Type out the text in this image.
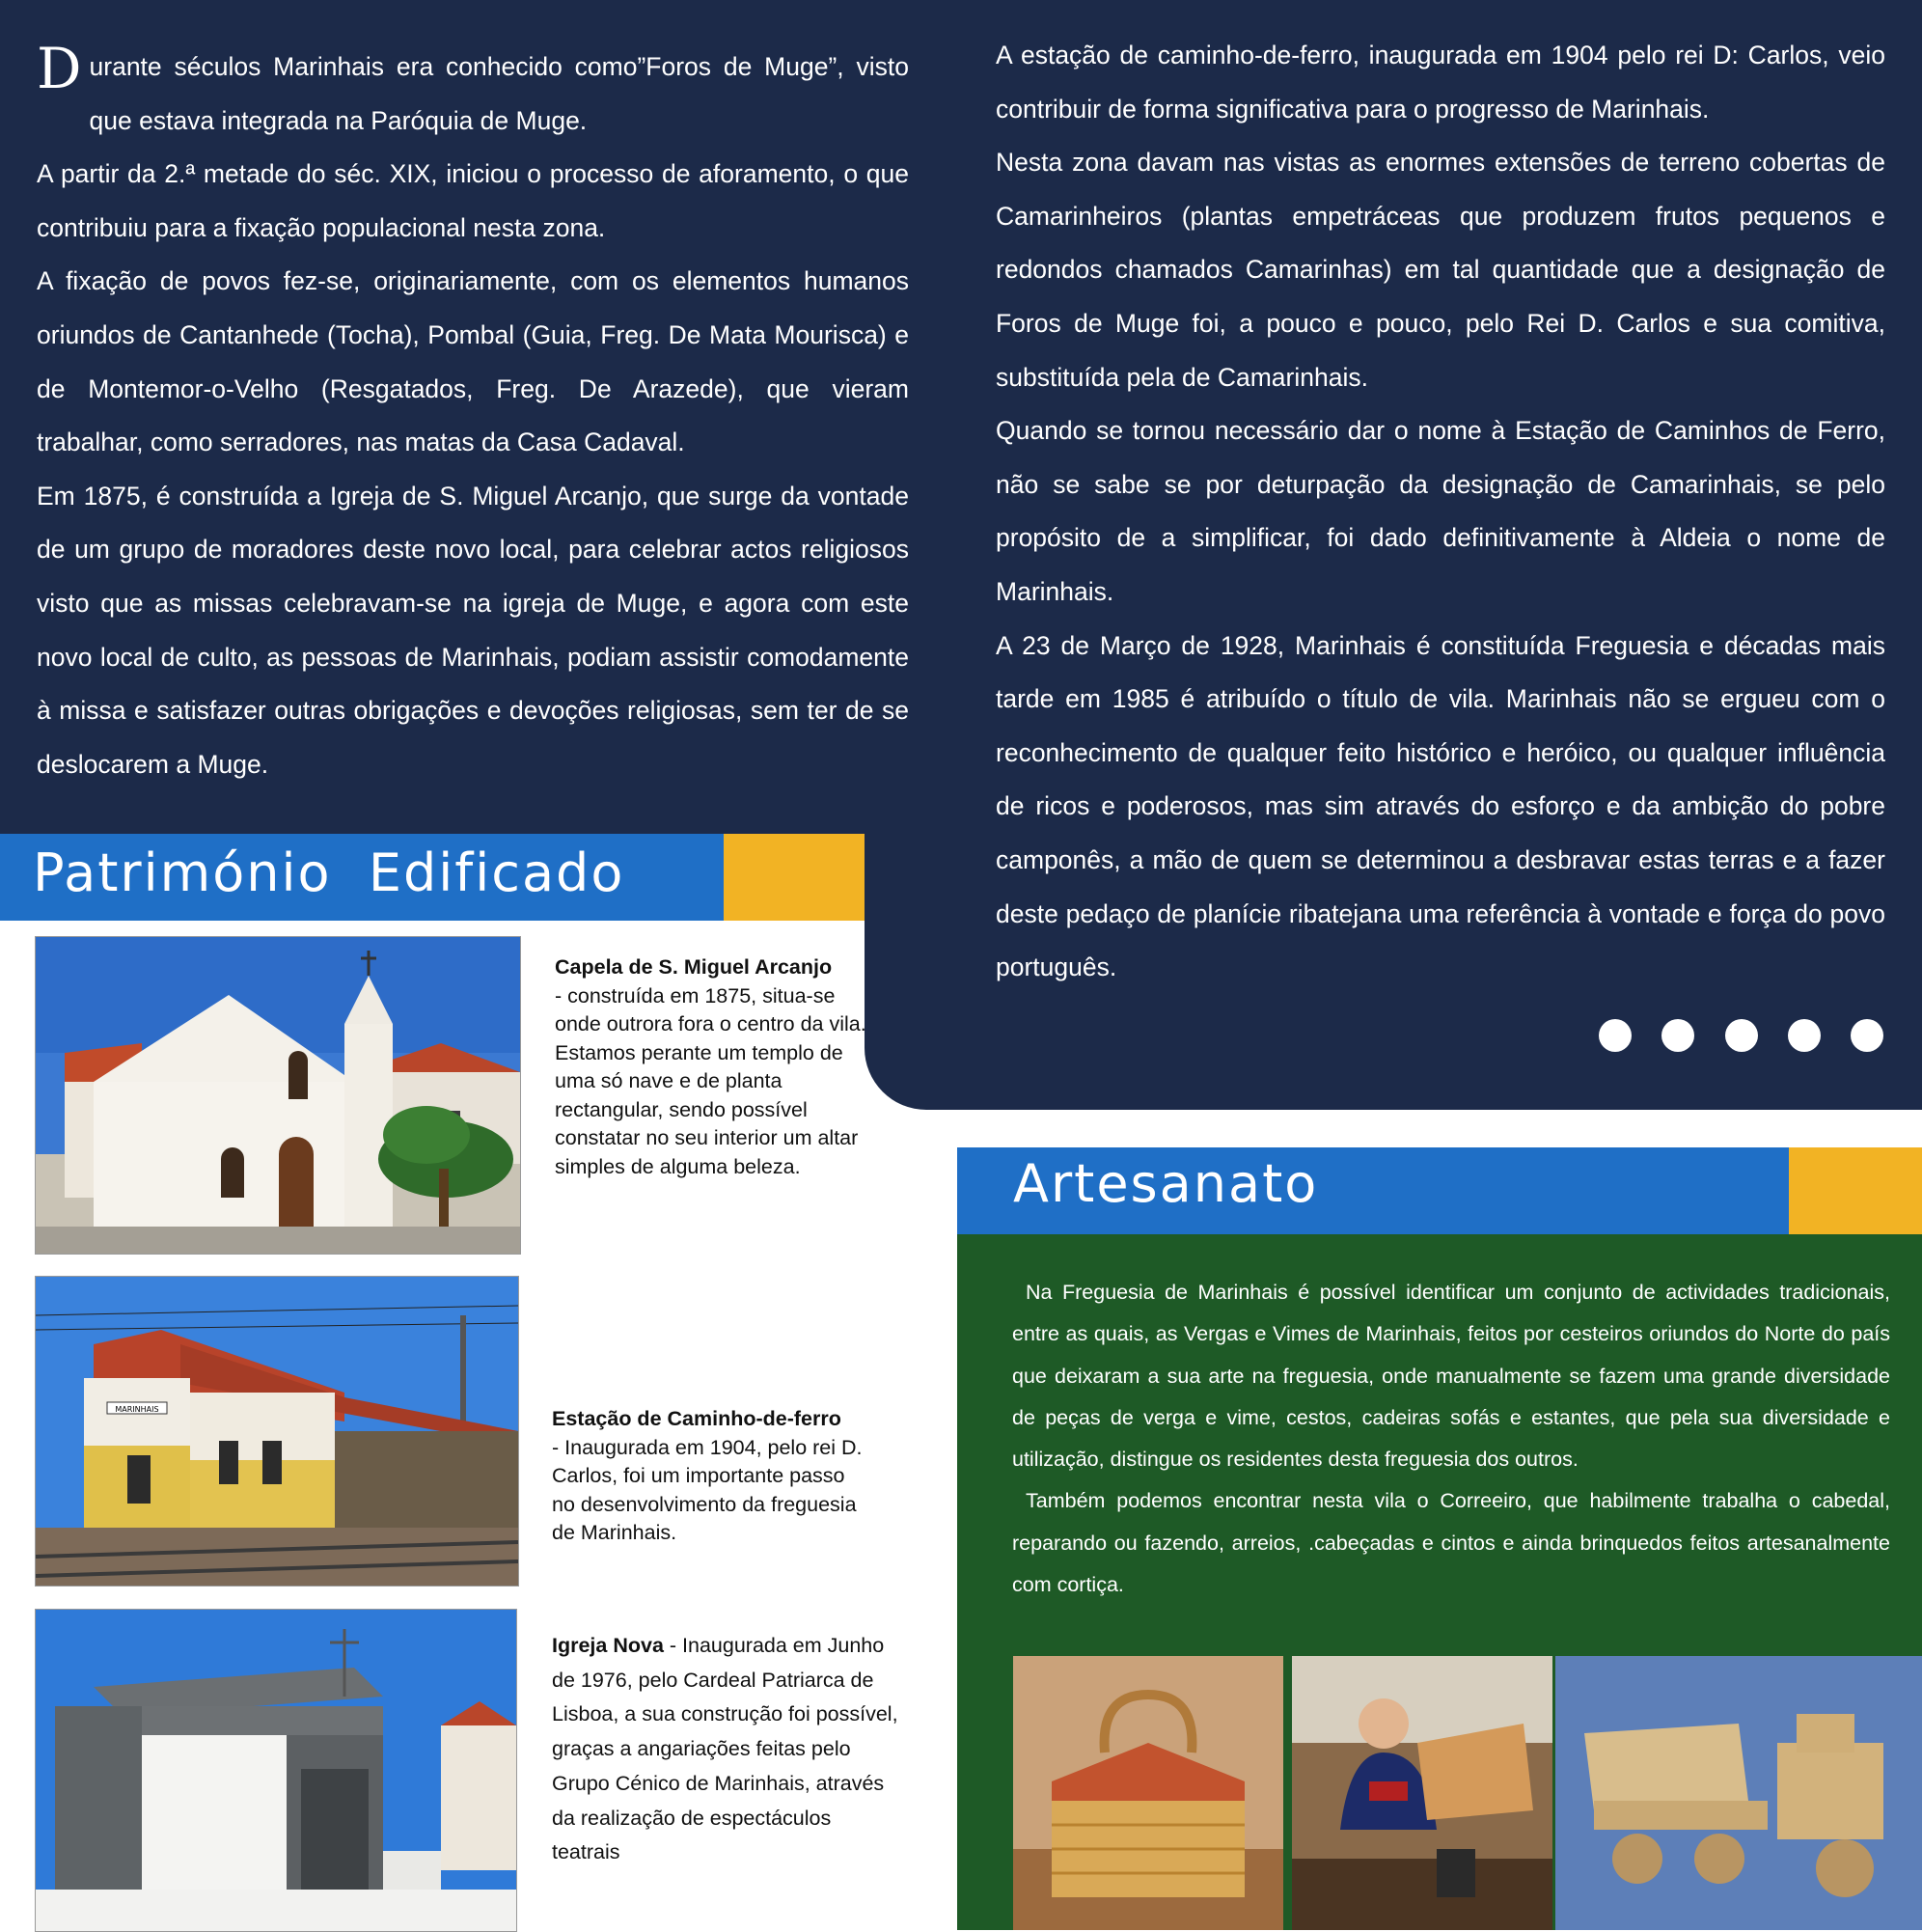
Durante séculos Marinhais era conhecido como”Foros de Muge”, visto que estava integrada na Paróquia de Muge.

A partir da 2.ª metade do séc. XIX, iniciou o processo de aforamento, o que contribuiu para a fixação populacional nesta zona.

A fixação de povos fez-se, originariamente, com os elementos humanos oriundos de Cantanhede (Tocha), Pombal (Guia, Freg. De Mata Mourisca) e de Montemor-o-Velho (Resgatados, Freg. De Arazede), que vieram trabalhar, como serradores, nas matas da Casa Cadaval.

Em 1875, é construída a Igreja de S. Miguel Arcanjo, que surge da vontade de um grupo de moradores deste novo local, para celebrar actos religiosos visto que as missas celebravam-se na igreja de Muge, e agora com este novo local de culto, as pessoas de Marinhais, podiam assistir comodamente à missa e satisfazer outras obrigações e devoções religiosas, sem ter de se deslocarem a Muge.

A estação de caminho-de-ferro, inaugurada em 1904 pelo rei D: Carlos, veio contribuir de forma significativa para o progresso de Marinhais.

Nesta zona davam nas vistas as enormes extensões de terreno cobertas de Camarinheiros (plantas empetráceas que produzem frutos pequenos e redondos chamados Camarinhas) em tal quantidade que a designação de Foros de Muge foi, a pouco e pouco, pelo Rei D. Carlos e sua comitiva, substituída pela de Camarinhais.

Quando se tornou necessário dar o nome à Estação de Caminhos de Ferro, não se sabe se por deturpação da designação de Camarinhais, se pelo propósito de a simplificar, foi dado definitivamente à Aldeia o nome de Marinhais.

A 23 de Março de 1928, Marinhais é constituída Freguesia e décadas mais tarde em 1985 é atribuído o título de vila. Marinhais não se ergueu com o reconhecimento de qualquer feito histórico e heróico, ou qualquer influência de ricos e poderosos, mas sim através do esforço e da ambição do pobre camponês, a mão de quem se determinou a desbravar estas terras e a fazer deste pedaço de planície ribatejana uma referência à vontade e força do povo português.

Património  Edificado
Capela de S. Miguel Arcanjo
- construída em 1875, situa-se onde outrora fora o centro da vila. Estamos perante um templo de uma só nave e de planta rectangular, sendo possível constatar no seu interior um altar simples de alguma beleza.
MARINHAIS	Estação de Caminho-de-ferro
- Inaugurada em 1904, pelo rei D. Carlos, foi um importante passo no desenvolvimento da freguesia de Marinhais.
Igreja Nova - Inaugurada em Junho de 1976, pelo Cardeal Patriarca de Lisboa, a sua construção foi possível, graças a angariações feitas pelo Grupo Cénico de Marinhais, através da realização de espectáculos teatrais
Artesanato

Na Freguesia de Marinhais é possível identificar um conjunto de actividades tradicionais, entre as quais, as Vergas e Vimes de Marinhais, feitos por cesteiros oriundos do Norte do país que deixaram a sua arte na freguesia, onde manualmente se fazem uma grande diversidade de peças de verga e vime, cestos, cadeiras sofás e estantes, que pela sua diversidade e utilização, distingue os residentes desta freguesia dos outros.

Também podemos encontrar nesta vila o Correeiro, que habilmente trabalha o cabedal, reparando ou fazendo, arreios, .cabeçadas e cintos e ainda brinquedos feitos artesanalmente com cortiça.
